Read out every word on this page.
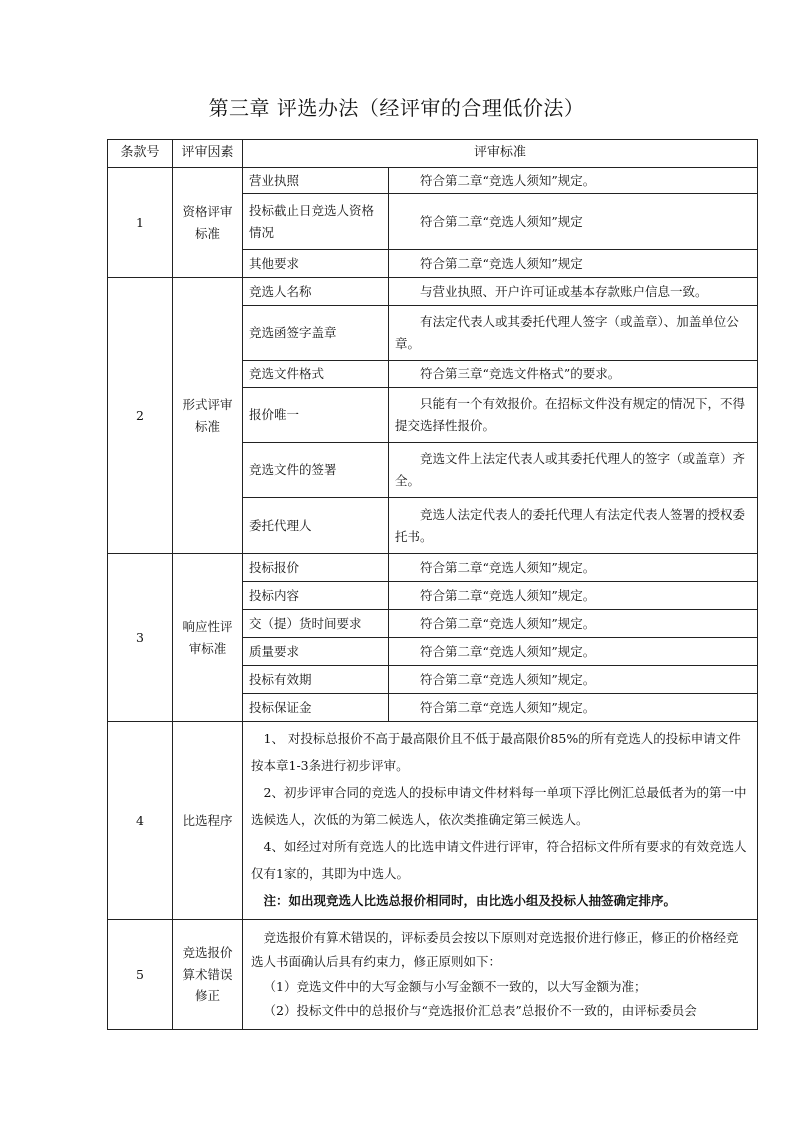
第三章 评选办法（经评审的合理低价法）
条款号	评审因素	评审标准	
1	资格评审标准	营业执照	符合第二章“竞选人须知”规定。
		投标截止日竞选人资格情况	符合第二章“竞选人须知”规定
		其他要求	符合第二章“竞选人须知”规定
2	形式评审标准	竞选人名称	与营业执照、开户许可证或基本存款账户信息一致。
		竞选函签字盖章	有法定代表人或其委托代理人签字（或盖章）、加盖单位公章。
		竞选文件格式	符合第三章“竞选文件格式”的要求。
		报价唯一	只能有一个有效报价。在招标文件没有规定的情况下，不得提交选择性报价。
		竞选文件的签署	竞选文件上法定代表人或其委托代理人的签字（或盖章）齐全。
		委托代理人	竞选人法定代表人的委托代理人有法定代表人签署的授权委托书。
3	响应性评审标准	投标报价	符合第二章“竞选人须知”规定。
		投标内容	符合第二章“竞选人须知”规定。
		交（提）货时间要求	符合第二章“竞选人须知”规定。
		质量要求	符合第二章“竞选人须知”规定。
		投标有效期	符合第二章“竞选人须知”规定。
		投标保证金	符合第二章“竞选人须知”规定。
4	比选程序	1、 对投标总报价不高于最高限价且不低于最高限价85%的所有竞选人的投标申请文件按本章1-3条进行初步评审。

2、初步评审合同的竞选人的投标申请文件材料每一单项下浮比例汇总最低者为的第一中选候选人，次低的为第二候选人，依次类推确定第三候选人。

4、如经过对所有竞选人的比选申请文件进行评审，符合招标文件所有要求的有效竞选人仅有1家的，其即为中选人。

注：如出现竞选人比选总报价相同时，由比选小组及投标人抽签确定排序。	

5	竞选报价算术错误修正	竞选报价有算术错误的，评标委员会按以下原则对竞选报价进行修正，修正的价格经竞选人书面确认后具有约束力，修正原则如下：

（1）竞选文件中的大写金额与小写金额不一致的，以大写金额为准；

（2）投标文件中的总报价与“竞选报价汇总表”总报价不一致的，由评标委员会	
